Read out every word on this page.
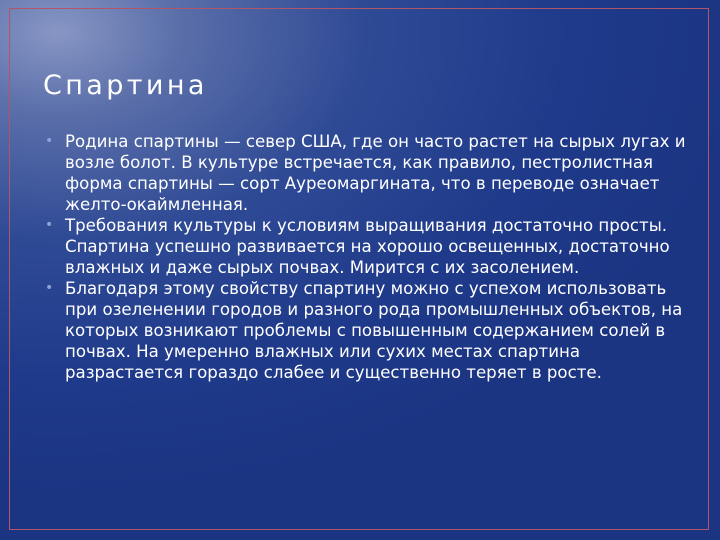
Спартина
• Родина спартины — север США, где он часто растет на сырых лугах и возле болот. В культуре встречается, как правило, пестролистная форма спартины — сорт Ауреомаргината, что в переводе означает желто-окаймленная.
• Требования культуры к условиям выращивания достаточно просты. Спартина успешно развивается на хорошо освещенных, достаточно влажных и даже сырых почвах. Мирится с их засолением.
• Благодаря этому свойству спартину можно с успехом использовать при озеленении городов и разного рода промышленных объектов, на которых возникают проблемы с повышенным содержанием солей в почвах. На умеренно влажных или сухих местах спартина разрастается гораздо слабее и существенно теряет в росте.
